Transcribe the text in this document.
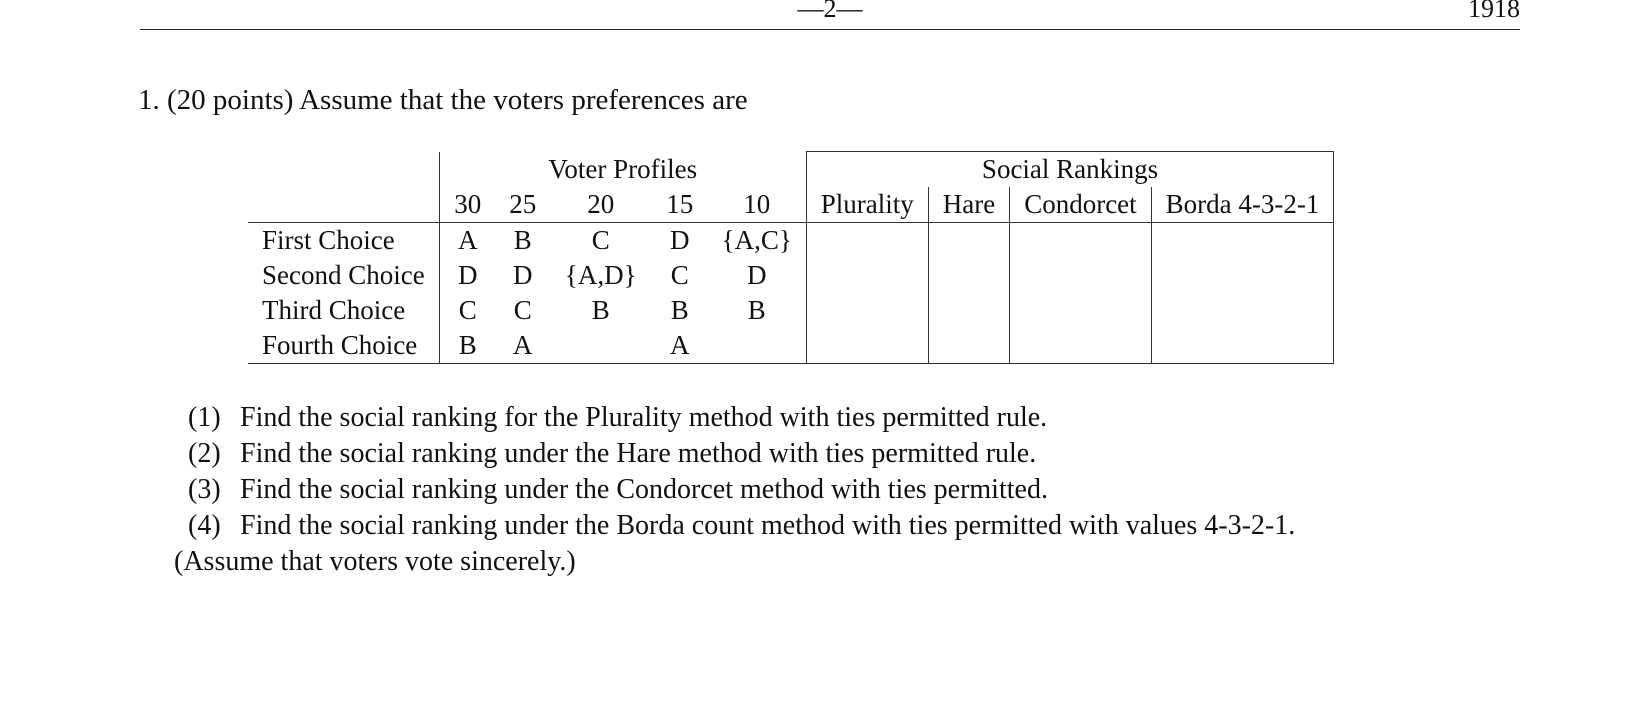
—2—	1918
1. (20 points) Assume that the voters preferences are
	Voter Profiles					Social Rankings			
	30	25	20	15	10	Plurality	Hare	Condorcet	Borda 4-3-2-1
First Choice	A	B	C	D	{A,C}				
Second Choice	D	D	{A,D}	C	D				
Third Choice	C	C	B	B	B				
Fourth Choice	B	A		A					
(1) Find the social ranking for the Plurality method with ties permitted rule.
(2) Find the social ranking under the Hare method with ties permitted rule.
(3) Find the social ranking under the Condorcet method with ties permitted.
(4) Find the social ranking under the Borda count method with ties permitted with values 4-3-2-1.
(Assume that voters vote sincerely.)
